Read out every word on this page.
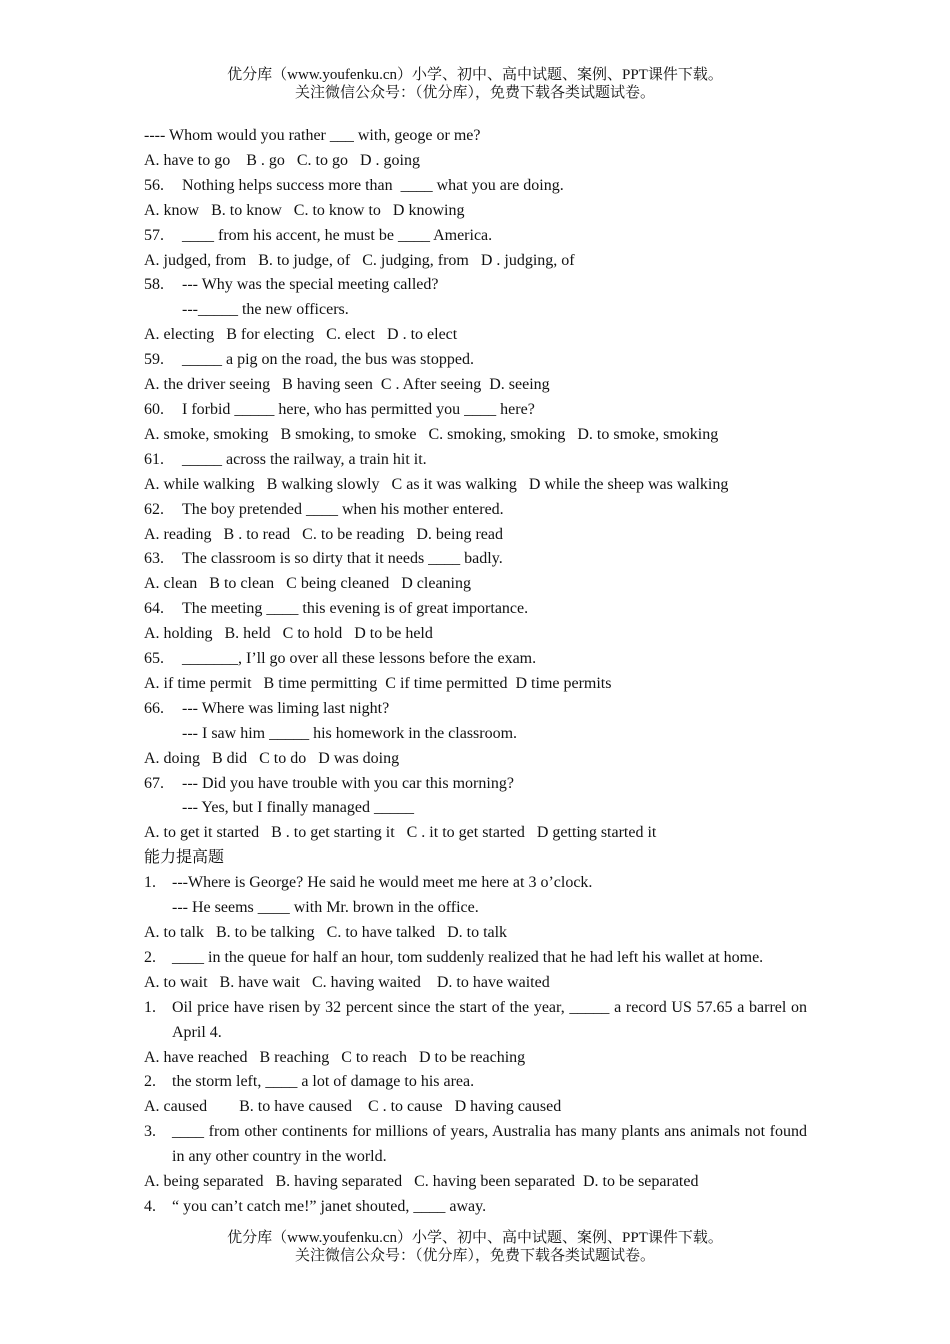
优分库（www.youfenku.cn）小学、初中、高中试题、案例、PPT课件下载。
关注微信公众号：（优分库），免费下载各类试题试卷。
---- Whom would you rather ___ with, geoge or me?
A. have to go    B . go   C. to go   D . going
56.	Nothing helps success more than  ____ what you are doing.
A. know   B. to know   C. to know to   D knowing
57.	____ from his accent, he must be ____ America.
A. judged, from   B. to judge, of   C. judging, from   D . judging, of
58.	--- Why was the special meeting called?
---_____ the new officers.
A. electing   B for electing   C. elect   D . to elect
59.	_____ a pig on the road, the bus was stopped.
A. the driver seeing   B having seen  C . After seeing  D. seeing
60.	I forbid _____ here, who has permitted you ____ here?
A. smoke, smoking   B smoking, to smoke   C. smoking, smoking   D. to smoke, smoking
61.	_____ across the railway, a train hit it.
A. while walking   B walking slowly   C as it was walking   D while the sheep was walking
62.	The boy pretended ____ when his mother entered.
A. reading   B . to read   C. to be reading   D. being read
63.	The classroom is so dirty that it needs ____ badly.
A. clean   B to clean   C being cleaned   D cleaning
64.	The meeting ____ this evening is of great importance.
A. holding   B. held   C to hold   D to be held
65.	_______, I’ll go over all these lessons before the exam.
A. if time permit   B time permitting  C if time permitted  D time permits
66.	--- Where was liming last night?
--- I saw him _____ his homework in the classroom.
A. doing   B did   C to do   D was doing
67.	--- Did you have trouble with you car this morning?
--- Yes, but I finally managed _____
A. to get it started   B . to get starting it   C . it to get started   D getting started it
能力提高题
1.	---Where is George? He said he would meet me here at 3 o’clock.
--- He seems ____ with Mr. brown in the office.
A. to talk   B. to be talking   C. to have talked   D. to talk
2.	____ in the queue for half an hour, tom suddenly realized that he had left his wallet at home.
A. to wait   B. have wait   C. having waited    D. to have waited
1.	Oil price have risen by 32 percent since the start of the year, _____ a record US 57.65 a barrel on April 4.
A. have reached   B reaching   C to reach   D to be reaching
2.	the storm left, ____ a lot of damage to his area.
A. caused        B. to have caused    C . to cause   D having caused
3.	____ from other continents for millions of years, Australia has many plants ans animals not found in any other country in the world.
A. being separated   B. having separated   C. having been separated  D. to be separated
4.	“ you can’t catch me!” janet shouted, ____ away.
优分库（www.youfenku.cn）小学、初中、高中试题、案例、PPT课件下载。
关注微信公众号：（优分库），免费下载各类试题试卷。
